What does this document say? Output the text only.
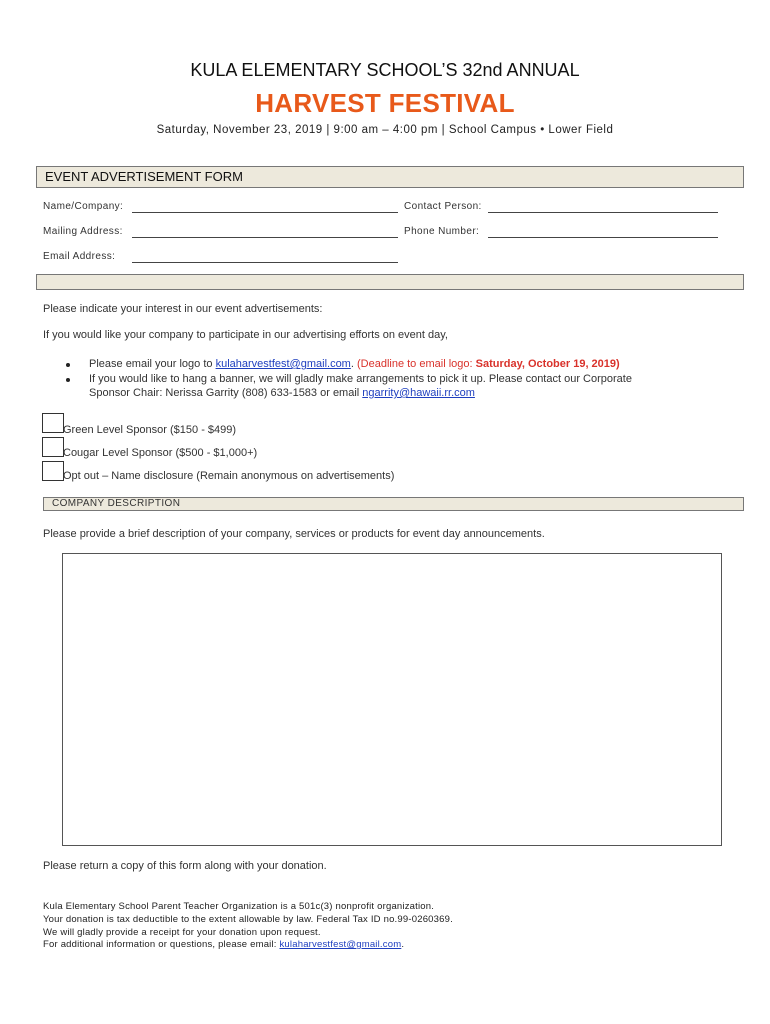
KULA ELEMENTARY SCHOOL’S 32nd ANNUAL
HARVEST FESTIVAL
Saturday, November 23, 2019 | 9:00 am – 4:00 pm | School Campus • Lower Field
EVENT ADVERTISEMENT FORM
Name/Company:	Contact Person:
Mailing Address:	Phone Number:
Email Address:
Please indicate your interest in our event advertisements:
If you would like your company to participate in our advertising efforts on event day,
Please email your logo to kulaharvestfest@gmail.com. (Deadline to email logo: Saturday, October 19, 2019)
If you would like to hang a banner, we will gladly make arrangements to pick it up. Please contact our Corporate
Sponsor Chair: Nerissa Garrity (808) 633-1583 or email ngarrity@hawaii.rr.com
Green Level Sponsor ($150 - $499)
Cougar Level Sponsor ($500 - $1,000+)
Opt out – Name disclosure (Remain anonymous on advertisements)
COMPANY DESCRIPTION
Please provide a brief description of your company, services or products for event day announcements.
Please return a copy of this form along with your donation.
Kula Elementary School Parent Teacher Organization is a 501c(3) nonprofit organization.
Your donation is tax deductible to the extent allowable by law. Federal Tax ID no.99-0260369.
We will gladly provide a receipt for your donation upon request.
For additional information or questions, please email: kulaharvestfest@gmail.com.
